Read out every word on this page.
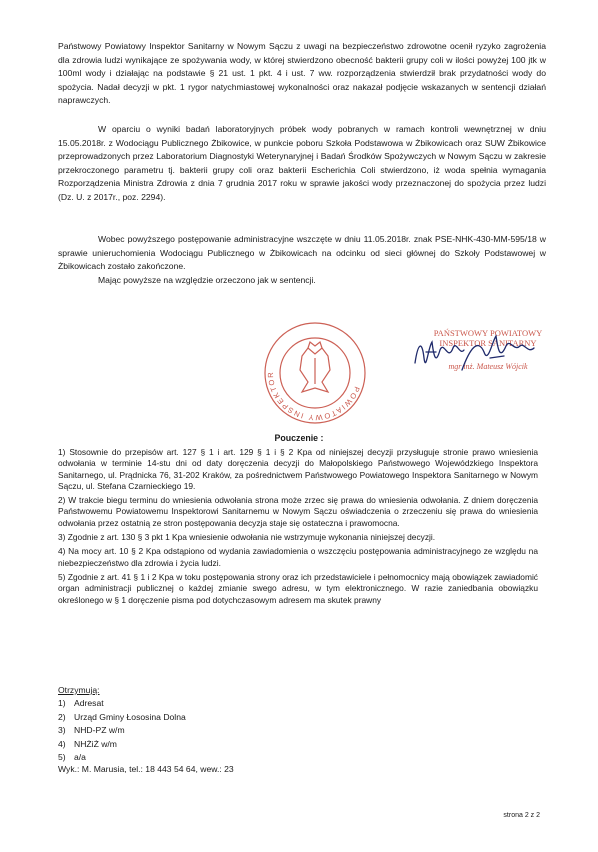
Państwowy Powiatowy Inspektor Sanitarny w Nowym Sączu z uwagi na bezpieczeństwo zdrowotne ocenił ryzyko zagrożenia dla zdrowia ludzi wynikające ze spożywania wody, w której stwierdzono obecność bakterii grupy coli w ilości powyżej 100 jtk w 100ml wody i działając na podstawie § 21 ust. 1 pkt. 4 i ust. 7 ww. rozporządzenia stwierdził brak przydatności wody do spożycia. Nadał decyzji w pkt. 1 rygor natychmiastowej wykonalności oraz nakazał podjęcie wskazanych w sentencji działań naprawczych.

W oparciu o wyniki badań laboratoryjnych próbek wody pobranych w ramach kontroli wewnętrznej w dniu 15.05.2018r. z Wodociągu Publicznego Żbikowice, w punkcie poboru Szkoła Podstawowa w Żbikowicach oraz SUW Żbikowice przeprowadzonych przez Laboratorium Diagnostyki Weterynaryjnej i Badań Środków Spożywczych w Nowym Sączu w zakresie przekroczonego parametru tj. bakterii grupy coli oraz bakterii Escherichia Coli stwierdzono, iż woda spełnia wymagania Rozporządzenia Ministra Zdrowia z dnia 7 grudnia 2017 roku w sprawie jakości wody przeznaczonej do spożycia przez ludzi (Dz. U. z 2017r., poz. 2294).

Wobec powyższego postępowanie administracyjne wszczęte w dniu 11.05.2018r. znak PSE-NHK-430-MM-595/18 w sprawie unieruchomienia Wodociągu Publicznego w Żbikowicach na odcinku od sieci głównej do Szkoły Podstawowej w Żbikowicach zostało zakończone.

Mając powyższe na względzie orzeczono jak w sentencji.

POWIATOWY INSPEKTOR
PAŃSTWOWY POWIATOWY
INSPEKTOR SANITARNY
mgr inż. Mateusz Wójcik

Pouczenie :

1) Stosownie do przepisów art. 127 § 1 i art. 129 § 1 i § 2 Kpa od niniejszej decyzji przysługuje stronie prawo wniesienia odwołania w terminie 14-stu dni od daty doręczenia decyzji do Małopolskiego Państwowego Wojewódzkiego Inspektora Sanitarnego, ul. Prądnicka 76, 31-202 Kraków, za pośrednictwem Państwowego Powiatowego Inspektora Sanitarnego w Nowym Sączu, ul. Stefana Czarnieckiego 19.

2) W trakcie biegu terminu do wniesienia odwołania strona może zrzec się prawa do wniesienia odwołania. Z dniem doręczenia Państwowemu Powiatowemu Inspektorowi Sanitarnemu w Nowym Sączu oświadczenia o zrzeczeniu się prawa do wniesienia odwołania przez ostatnią ze stron postępowania decyzja staje się ostateczna i prawomocna.

3) Zgodnie z art. 130 § 3 pkt 1 Kpa wniesienie odwołania nie wstrzymuje wykonania niniejszej decyzji.

4) Na mocy art. 10 § 2 Kpa odstąpiono od wydania zawiadomienia o wszczęciu postępowania administracyjnego ze względu na niebezpieczeństwo dla zdrowia i życia ludzi.

5) Zgodnie z art. 41 § 1 i 2 Kpa w toku postępowania strony oraz ich przedstawiciele i pełnomocnicy mają obowiązek zawiadomić organ administracji publicznej o każdej zmianie swego adresu, w tym elektronicznego. W razie zaniedbania obowiązku określonego w § 1 doręczenie pisma pod dotychczasowym adresem ma skutek prawny

Otrzymują:

1) Adresat
2) Urząd Gminy Łososina Dolna
3) NHD-PZ w/m
4) NHŻiŻ w/m
5) a/a
Wyk.: M. Marusia, tel.: 18 443 54 64, wew.: 23
strona 2 z 2
